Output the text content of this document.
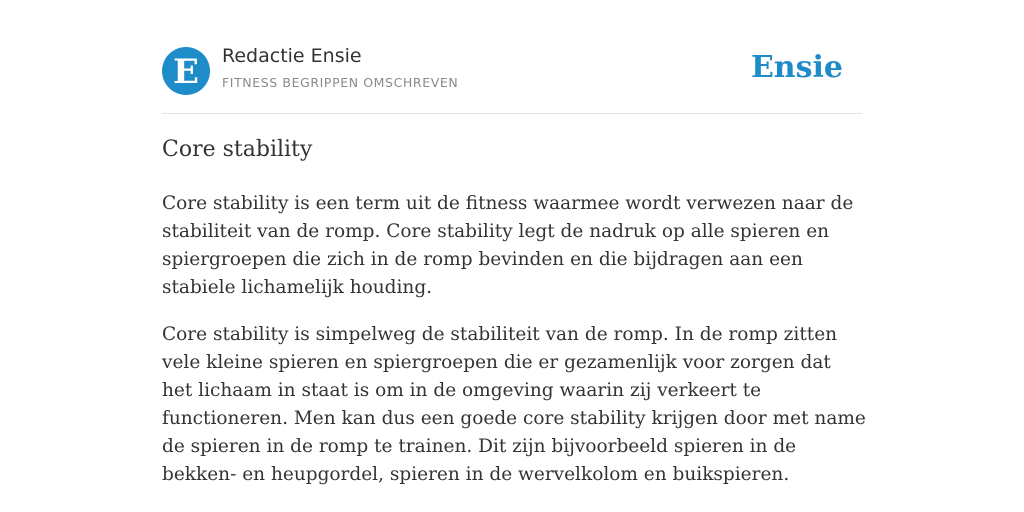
E Redactie Ensie
FITNESS BEGRIPPEN OMSCHREVEN	Ensie
Core stability

Core stability is een term uit de fitness waarmee wordt verwezen naar de stabiliteit van de romp. Core stability legt de nadruk op alle spieren en spiergroepen die zich in de romp bevinden en die bijdragen aan een stabiele lichamelijk houding.

Core stability is simpelweg de stabiliteit van de romp. In de romp zitten vele kleine spieren en spiergroepen die er gezamenlijk voor zorgen dat het lichaam in staat is om in de omgeving waarin zij verkeert te functioneren. Men kan dus een goede core stability krijgen door met name de spieren in de romp te trainen. Dit zijn bijvoorbeeld spieren in de bekken- en heupgordel, spieren in de wervelkolom en buikspieren.
